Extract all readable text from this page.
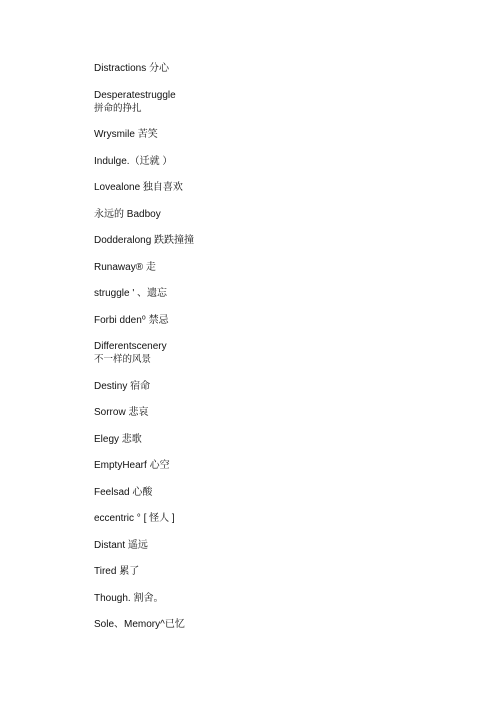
Distractions 分心
Desperatestruggle
拼命的挣扎
Wrysmile 苦笑
Indulge.（迁就 ）
Lovealone 独自喜欢
永远的 Badboy
Dodderalong 跌跌撞撞
Runaway® 走
struggle ' 、遗忘
Forbi dden⁰ 禁忌
Differentscenery
不一样的风景
Destiny 宿命
Sorrow 悲哀
Elegy 悲歌
EmptyHearf 心空
Feelsad 心酸
eccentric ° [ 怪人 ]
Distant 遥远
Tired 累了
Though. 割舍。
Sole、Memory^已忆
